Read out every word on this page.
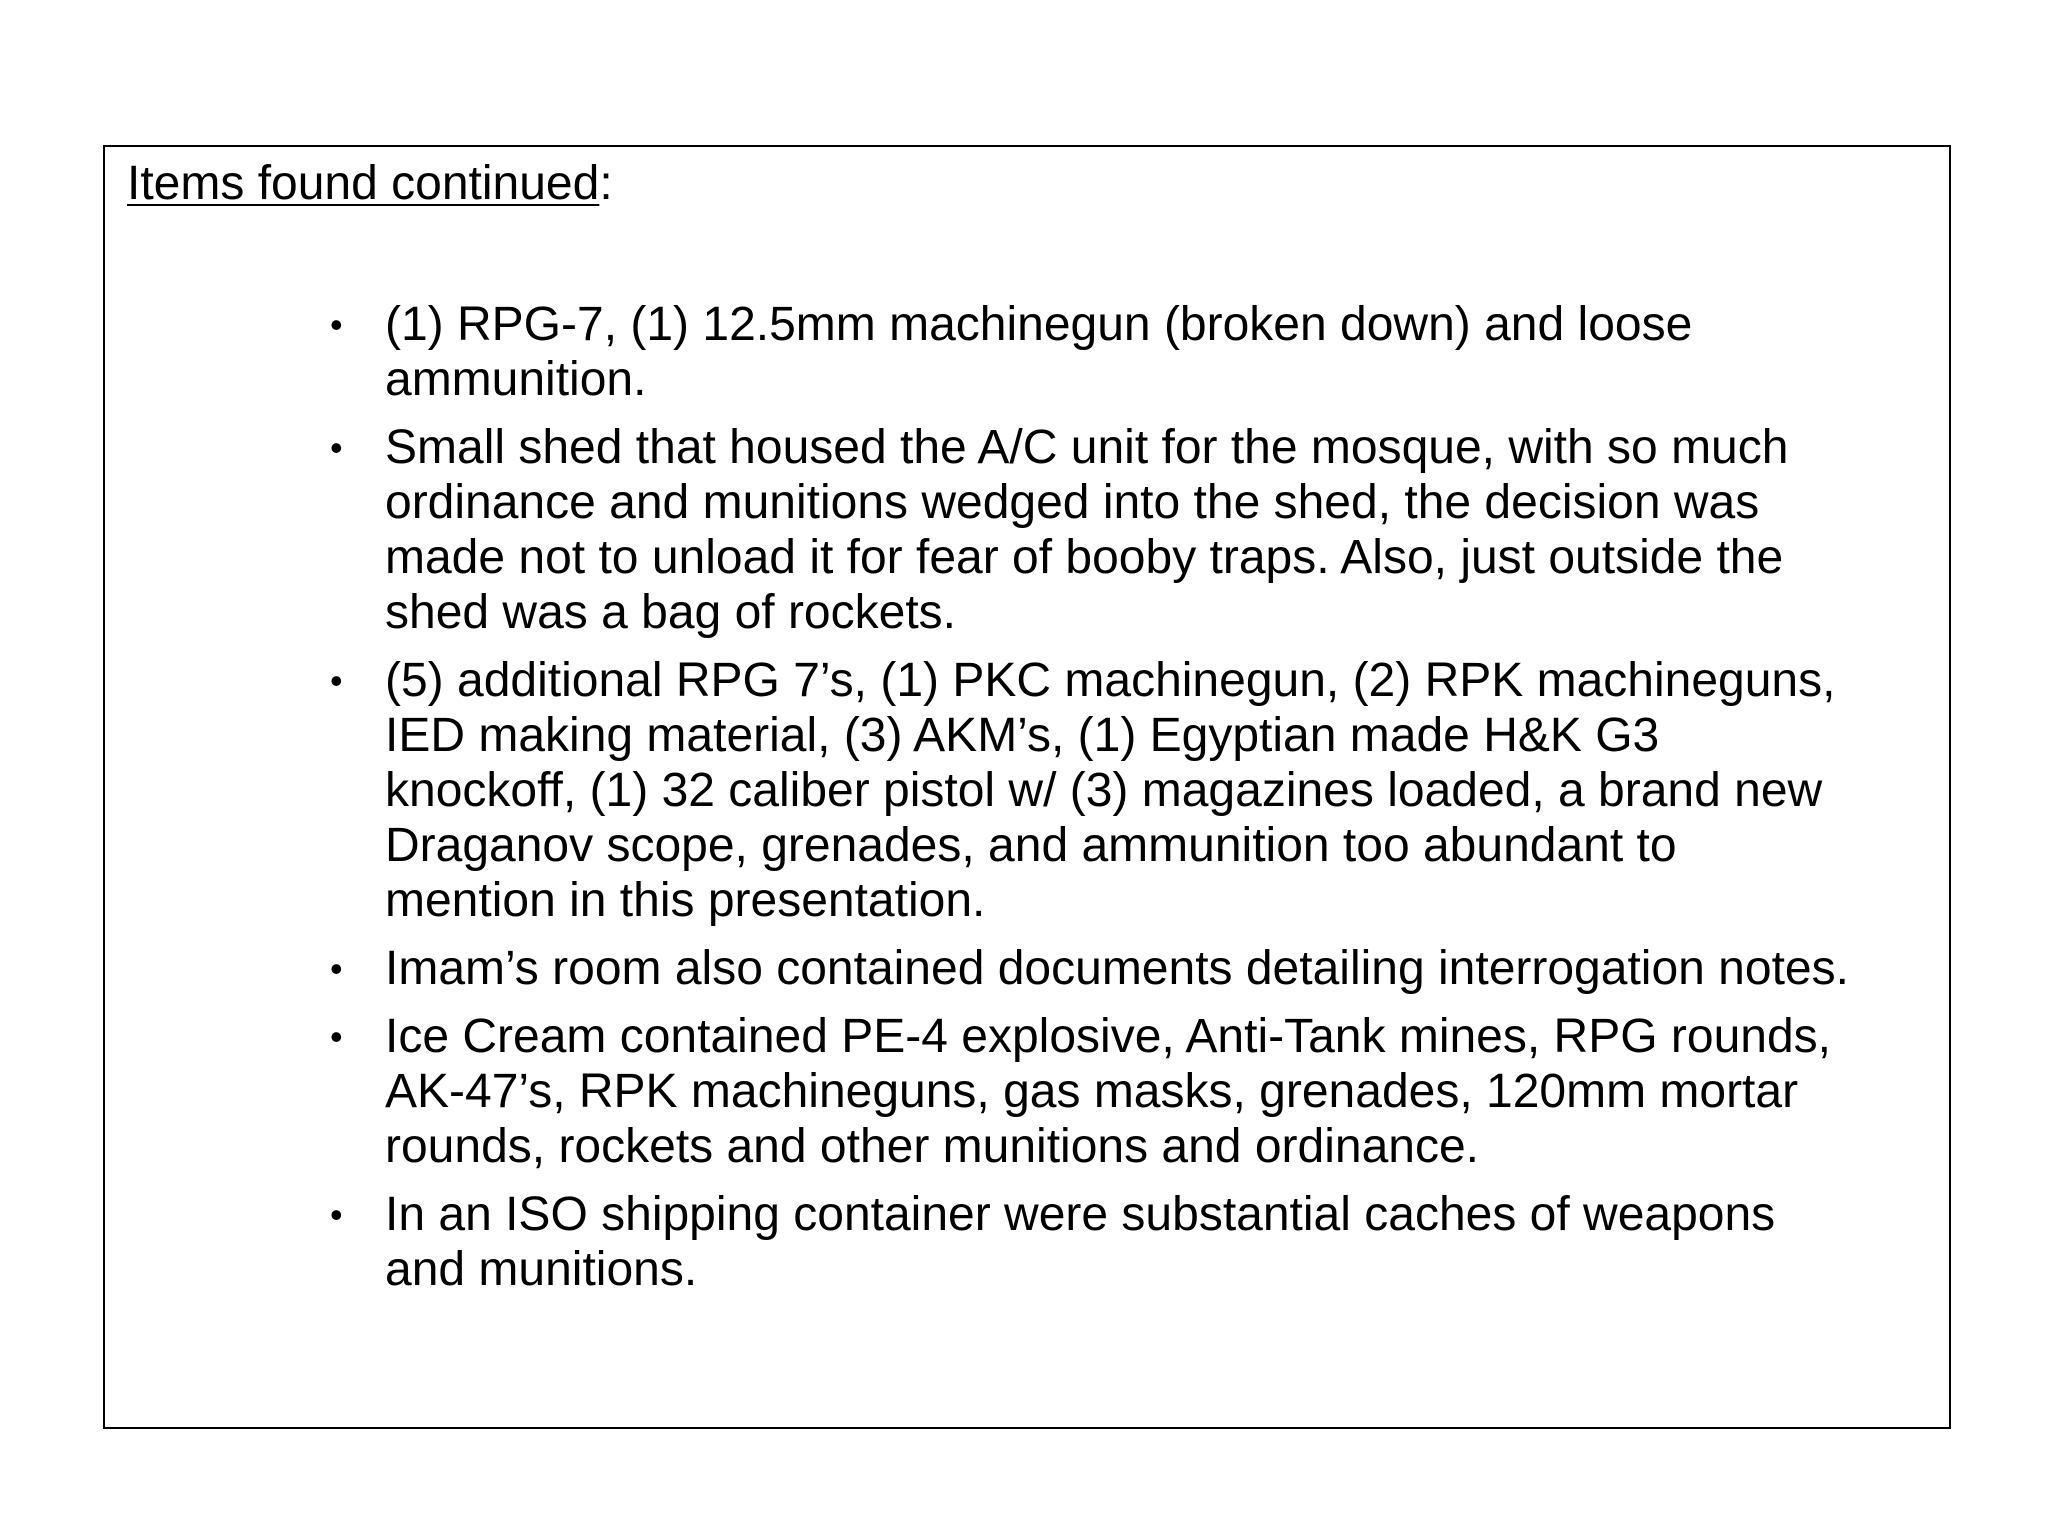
Items found continued:
• (1) RPG-7, (1) 12.5mm machinegun (broken down) and loose ammunition.
• Small shed that housed the A/C unit for the mosque, with so much ordinance and munitions wedged into the shed, the decision was made not to unload it for fear of booby traps. Also, just outside the shed was a bag of rockets.
• (5) additional RPG 7’s, (1) PKC machinegun, (2) RPK machineguns, IED making material, (3) AKM’s, (1) Egyptian made H&K G3 knockoff, (1) 32 caliber pistol w/ (3) magazines loaded, a brand new Draganov scope, grenades, and ammunition too abundant to mention in this presentation.
• Imam’s room also contained documents detailing interrogation notes.
• Ice Cream contained PE-4 explosive, Anti-Tank mines, RPG rounds, AK-47’s, RPK machineguns, gas masks, grenades, 120mm mortar rounds, rockets and other munitions and ordinance.
• In an ISO shipping container were substantial caches of weapons and munitions.
